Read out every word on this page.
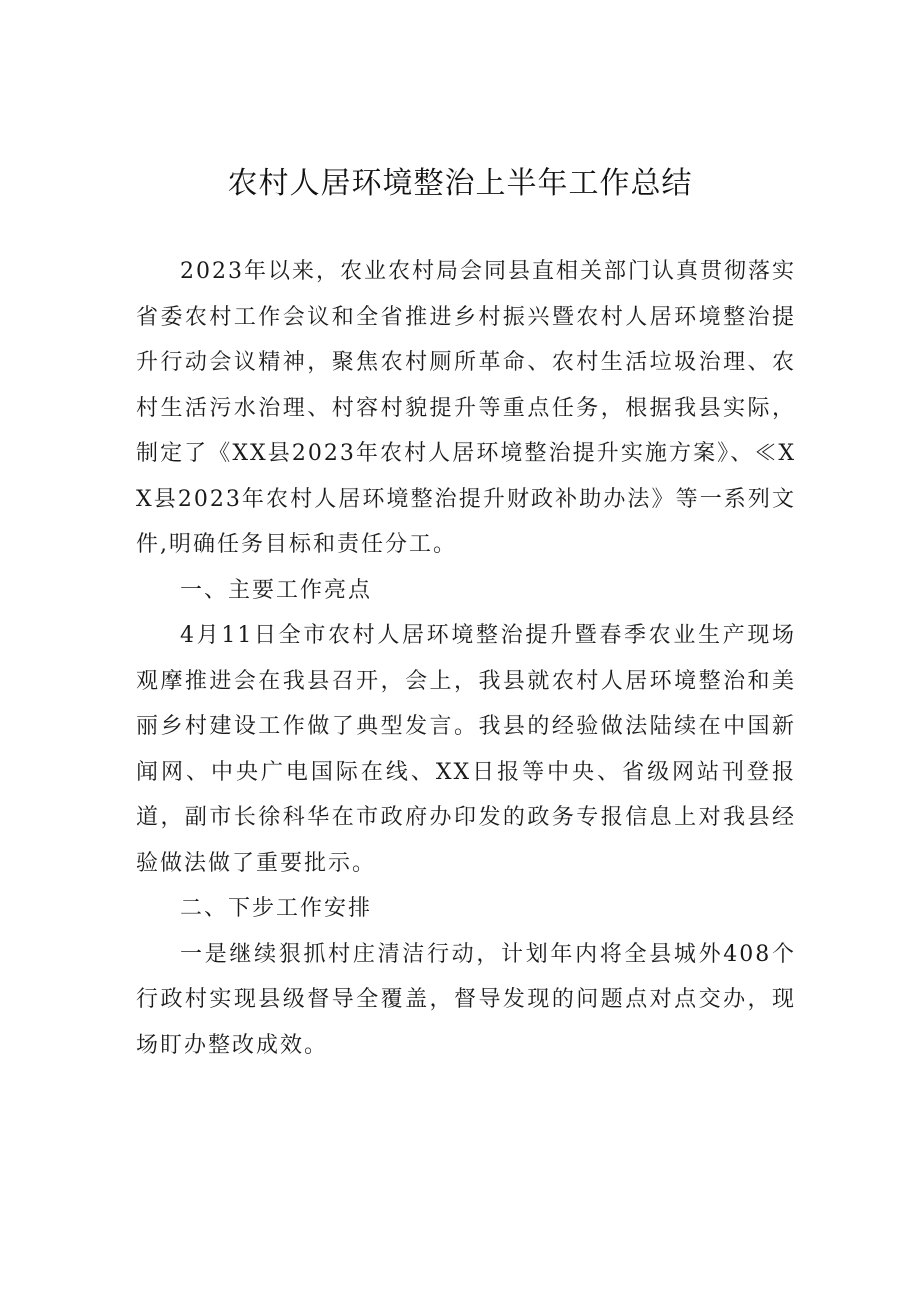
农村人居环境整治上半年工作总结

2023年以来，农业农村局会同县直相关部门认真贯彻落实省委农村工作会议和全省推进乡村振兴暨农村人居环境整治提升行动会议精神，聚焦农村厕所革命、农村生活垃圾治理、农村生活污水治理、村容村貌提升等重点任务，根据我县实际，制定了《XX县2023年农村人居环境整治提升实施方案》、≪XX县2023年农村人居环境整治提升财政补助办法》等一系列文件,明确任务目标和责任分工。

一、主要工作亮点

4月11日全市农村人居环境整治提升暨春季农业生产现场观摩推进会在我县召开，会上，我县就农村人居环境整治和美丽乡村建设工作做了典型发言。我县的经验做法陆续在中国新闻网、中央广电国际在线、XX日报等中央、省级网站刊登报道，副市长徐科华在市政府办印发的政务专报信息上对我县经验做法做了重要批示。

二、下步工作安排

一是继续狠抓村庄清洁行动，计划年内将全县城外408个行政村实现县级督导全覆盖，督导发现的问题点对点交办，现场盯办整改成效。
